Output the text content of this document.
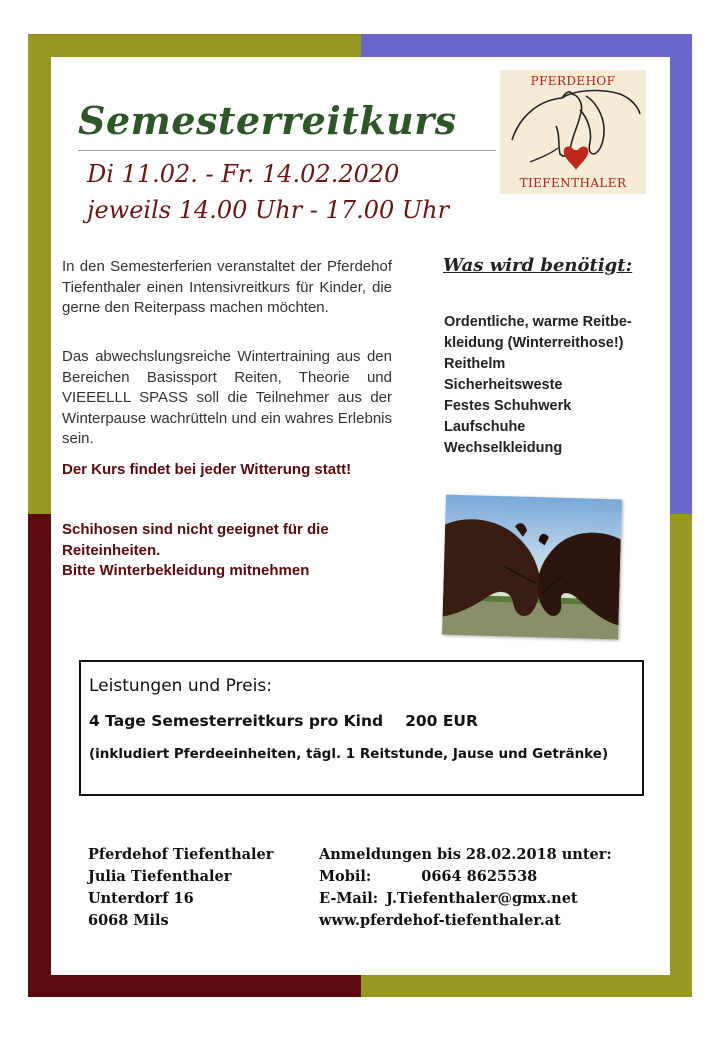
Semesterreitkurs
Di 11.02. - Fr. 14.02.2020
jeweils 14.00 Uhr - 17.00 Uhr
PFERDEHOF
TIEFENTHALER
In den Semesterferien veranstaltet der Pferdehof Tiefenthaler einen Intensivreitkurs für Kinder, die gerne den Reiterpass machen möchten.
Das abwechslungsreiche Wintertraining aus den Bereichen Basissport Reiten, Theorie und VIEEELLL SPASS soll die Teilnehmer aus der Winterpause wachrütteln und ein wahres Erlebnis sein.
Der Kurs findet bei jeder Witterung statt!
Schihosen sind nicht geeignet für die Reiteinheiten.
Bitte Winterbekleidung mitnehmen
Was wird benötigt:
Ordentliche, warme Reitbekleidung (Winterreithose!)
Reithelm
Sicherheitsweste
Festes Schuhwerk
Laufschuhe
Wechselkleidung
Leistungen und Preis:
4 Tage Semesterreitkurs pro Kind 200 EUR
(inkludiert Pferdeeinheiten, tägl. 1 Reitstunde, Jause und Getränke)
Pferdehof Tiefenthaler
Julia Tiefenthaler
Unterdorf 16
6068 Mils
Anmeldungen bis 28.02.2018 unter:
Mobil:	0664 8625538
E-Mail: J.Tiefenthaler@gmx.net
www.pferdehof-tiefenthaler.at
